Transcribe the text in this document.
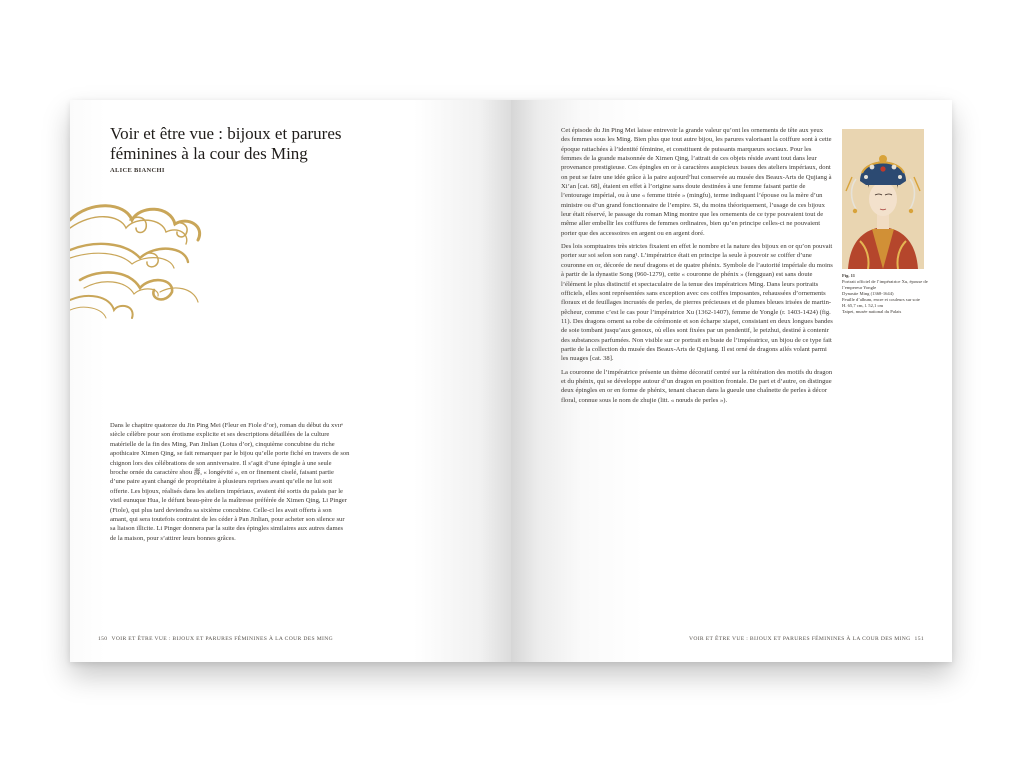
Voir et être vue : bijoux et parures féminines à la cour des Ming
ALICE BIANCHI

Dans le chapitre quatorze du Jin Ping Mei (Fleur en Fiole d’or), roman du début du xvɪɪᵉ siècle célèbre pour son érotisme explicite et ses descriptions détaillées de la culture matérielle de la fin des Ming, Pan Jinlian (Lotus d’or), cinquième concubine du riche apothicaire Ximen Qing, se fait remarquer par le bijou qu’elle porte fiché en travers de son chignon lors des célébrations de son anniversaire. Il s’agit d’une épingle à une seule broche ornée du caractère shou 壽, « longévité », en or finement ciselé, faisant partie d’une paire ayant changé de propriétaire à plusieurs reprises avant qu’elle ne lui soit offerte. Les bijoux, réalisés dans les ateliers impériaux, avaient été sortis du palais par le vieil eunuque Hua, le défunt beau-père de la maîtresse préférée de Ximen Qing, Li Pinger (Fiole), qui plus tard deviendra sa sixième concubine. Celle-ci les avait offerts à son amant, qui sera toutefois contraint de les céder à Pan Jinlian, pour acheter son silence sur sa liaison illicite. Li Pinger donnera par la suite des épingles similaires aux autres dames de la maison, pour s’attirer leurs bonnes grâces.

150 VOIR ET ÊTRE VUE : BIJOUX ET PARURES FÉMININES À LA COUR DES MING

Cet épisode du Jin Ping Mei laisse entrevoir la grande valeur qu’ont les ornements de tête aux yeux des femmes sous les Ming. Bien plus que tout autre bijou, les parures valorisant la coiffure sont à cette époque rattachées à l’identité féminine, et constituent de puissants marqueurs sociaux. Pour les femmes de la grande maisonnée de Ximen Qing, l’attrait de ces objets réside avant tout dans leur provenance prestigieuse. Ces épingles en or à caractères auspicieux issues des ateliers impériaux, dont on peut se faire une idée grâce à la paire aujourd’hui conservée au musée des Beaux-Arts de Qujiang à Xi’an [cat. 68], étaient en effet à l’origine sans doute destinées à une femme faisant partie de l’entourage impérial, ou à une « femme titrée » (mingfu), terme indiquant l’épouse ou la mère d’un ministre ou d’un grand fonctionnaire de l’empire. Si, du moins théoriquement, l’usage de ces bijoux leur était réservé, le passage du roman Ming montre que les ornements de ce type pouvaient tout de même aller embellir les coiffures de femmes ordinaires, bien qu’en principe celles-ci ne pouvaient porter que des accessoires en argent ou en argent doré.

Des lois somptuaires très strictes fixaient en effet le nombre et la nature des bijoux en or qu’on pouvait porter sur soi selon son rang¹. L’impératrice était en principe la seule à pouvoir se coiffer d’une couronne en or, décorée de neuf dragons et de quatre phénix. Symbole de l’autorité impériale du moins à partir de la dynastie Song (960-1279), cette « couronne de phénix » (fengguan) est sans doute l’élément le plus distinctif et spectaculaire de la tenue des impératrices Ming. Dans leurs portraits officiels, elles sont représentées sans exception avec ces coiffes imposantes, rehaussées d’ornements floraux et de feuillages incrustés de perles, de pierres précieuses et de plumes bleues irisées de martin-pêcheur, comme c’est le cas pour l’impératrice Xu (1362-1407), femme de Yongle (r. 1403-1424) (fig. 11). Des dragons ornent sa robe de cérémonie et son écharpe xiapei, consistant en deux longues bandes de soie tombant jusqu’aux genoux, où elles sont fixées par un pendentif, le peizhui, destiné à contenir des substances parfumées. Non visible sur ce portrait en buste de l’impératrice, un bijou de ce type fait partie de la collection du musée des Beaux-Arts de Qujiang. Il est orné de dragons ailés volant parmi les nuages [cat. 38].

La couronne de l’impératrice présente un thème décoratif centré sur la réitération des motifs du dragon et du phénix, qui se développe autour d’un dragon en position frontale. De part et d’autre, on distingue deux épingles en or en forme de phénix, tenant chacun dans la gueule une chaînette de perles à décor floral, connue sous le nom de zhujie (litt. « nœuds de perles »).

Fig. 11
Portrait officiel de l’impératrice Xu, épouse de l’empereur Yongle
Dynastie Ming (1368-1644)
Feuille d’album, encre et couleurs sur soie
H. 65,7 cm, l. 52,1 cm
Taipei, musée national du Palais
VOIR ET ÊTRE VUE : BIJOUX ET PARURES FÉMININES À LA COUR DES MING 151
